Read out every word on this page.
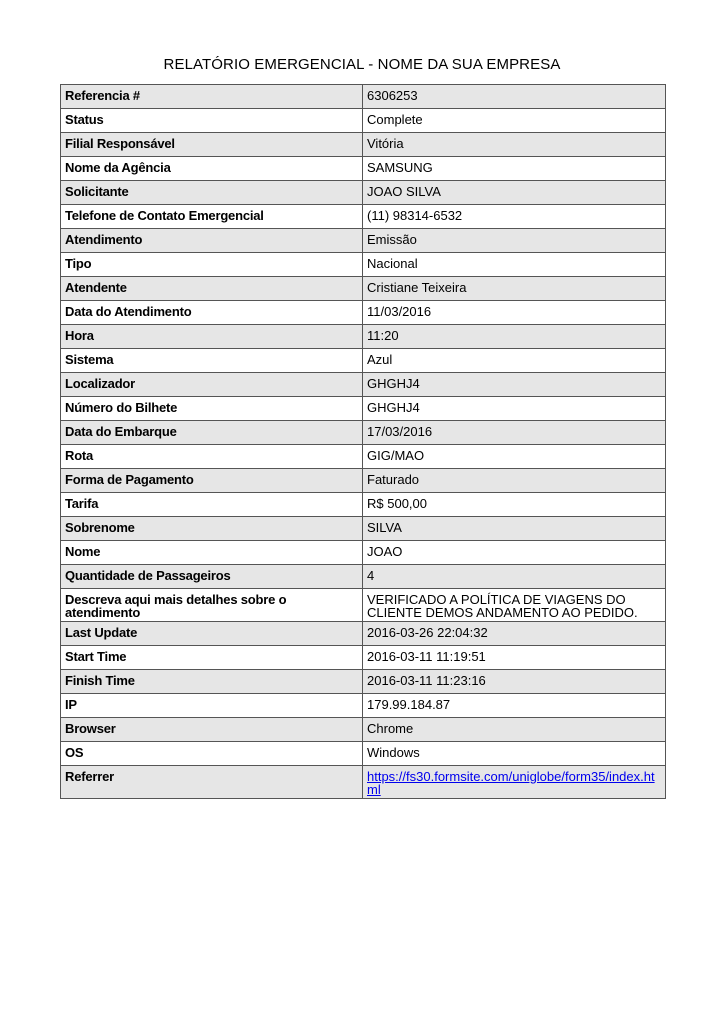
RELATÓRIO EMERGENCIAL - NOME DA SUA EMPRESA
Referencia #	6306253
Status	Complete
Filial Responsável	Vitória
Nome da Agência	SAMSUNG
Solicitante	JOAO SILVA
Telefone de Contato Emergencial	(11) 98314-6532
Atendimento	Emissão
Tipo	Nacional
Atendente	Cristiane Teixeira
Data do Atendimento	11/03/2016
Hora	11:20
Sistema	Azul
Localizador	GHGHJ4
Número do Bilhete	GHGHJ4
Data do Embarque	17/03/2016
Rota	GIG/MAO
Forma de Pagamento	Faturado
Tarifa	R$ 500,00
Sobrenome	SILVA
Nome	JOAO
Quantidade de Passageiros	4
Descreva aqui mais detalhes sobre o atendimento	VERIFICADO A POLÍTICA DE VIAGENS DO CLIENTE DEMOS ANDAMENTO AO PEDIDO.
Last Update	2016-03-26 22:04:32
Start Time	2016-03-11 11:19:51
Finish Time	2016-03-11 11:23:16
IP	179.99.184.87
Browser	Chrome
OS	Windows
Referrer	https://fs30.formsite.com/uniglobe/form35/index.html
